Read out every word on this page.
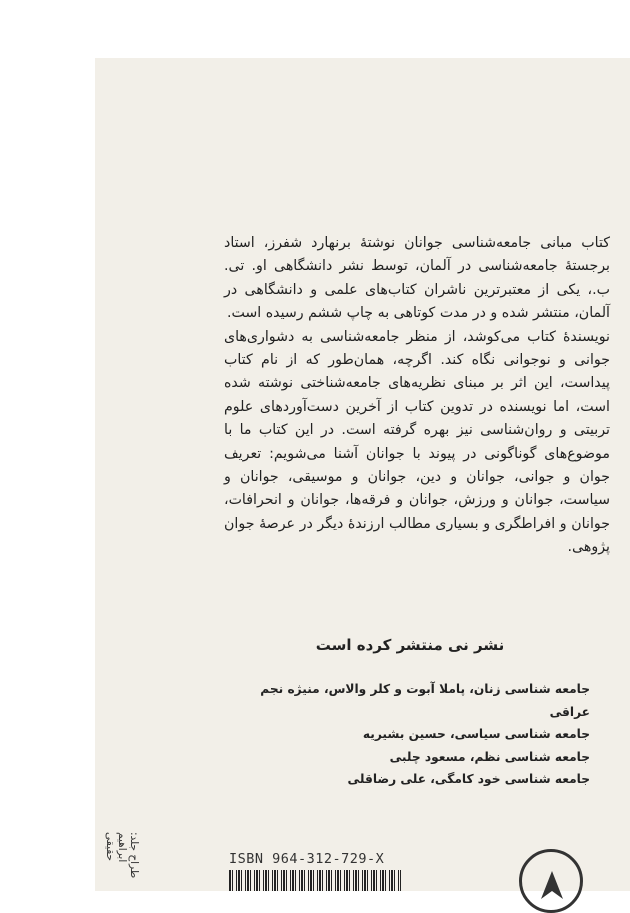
کتاب مبانی جامعه‌شناسی جوانان نوشتهٔ برنهارد شفرز، استاد برجستهٔ جامعه‌شناسی در آلمان، توسط نشر دانشگاهی او. تی. ب.، یکی از معتبرترین ناشران کتاب‌های علمی و دانشگاهی در آلمان، منتشر شده و در مدت کوتاهی به چاپ ششم رسیده است.

نویسندهٔ کتاب می‌کوشد، از منظر جامعه‌شناسی به دشواری‌های جوانی و نوجوانی نگاه کند. اگرچه، همان‌طور که از نام کتاب پیداست، این اثر بر مبنای نظریه‌های جامعه‌شناختی نوشته شده است، اما نویسنده در تدوین کتاب از آخرین دست‌آوردهای علوم تربیتی و روان‌شناسی نیز بهره گرفته است. در این کتاب ما با موضوع‌های گوناگونی در پیوند با جوانان آشنا می‌شویم: تعریف جوان و جوانی، جوانان و دین، جوانان و موسیقی، جوانان و سیاست، جوانان و ورزش، جوانان و فرقه‌ها، جوانان و انحرافات، جوانان و افراطگری و بسیاری مطالب ارزندهٔ دیگر در عرصهٔ جوان پژوهی.

نشر نی منتشر کرده است
جامعه شناسی زنان، پاملا آبوت و کلر والاس، منیژه نجم عراقی
جامعه شناسی سیاسی، حسین بشیریه
جامعه شناسی نظم، مسعود چلبی
جامعه شناسی خود کامگی، علی رضاقلی
طراح جلد: ابراهیم حقیقی	ISBN 964-312-729-X
